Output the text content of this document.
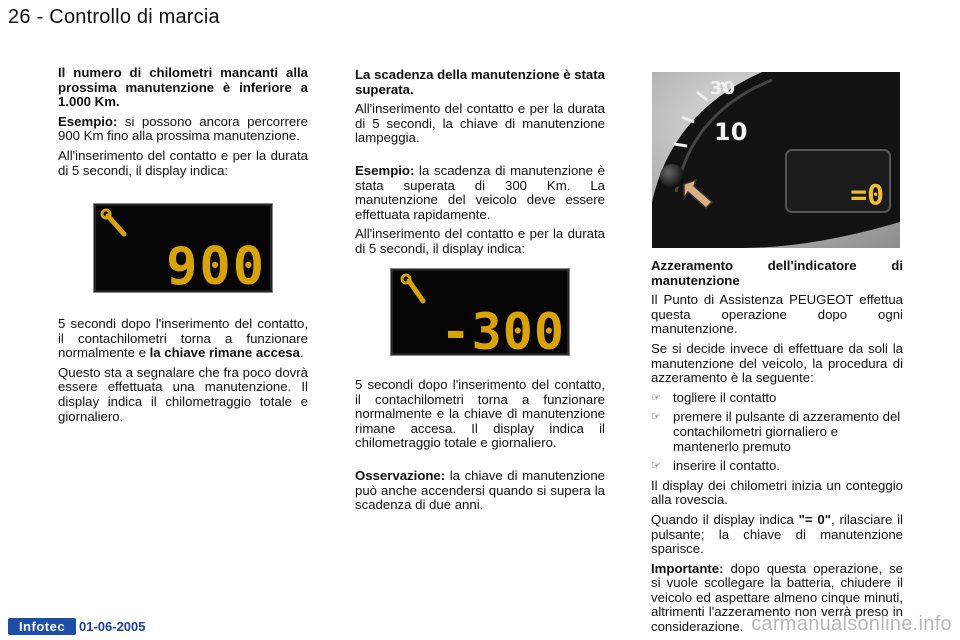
26 - Controllo di marcia

Il numero di chilometri mancanti alla prossima manutenzione è inferiore a 1.000 Km.

Esempio: si possono ancora percorrere 900 Km fino alla prossima manutenzione.

All'inserimento del contatto e per la durata di 5 secondi, il display indica:

900

5 secondi dopo l'inserimento del contatto, il contachilometri torna a funzionare normalmente e la chiave rimane accesa.

Questo sta a segnalare che fra poco dovrà essere effettuata una manutenzione. Il display indica il chilometraggio totale e giornaliero.

La scadenza della manutenzione è stata superata.

All'inserimento del contatto e per la durata di 5 secondi, la chiave di manutenzione lampeggia.

Esempio: la scadenza di manutenzione è stata superata di 300 Km. La manutenzione del veicolo deve essere effettuata rapidamente.

All'inserimento del contatto e per la durata di 5 secondi, il display indica:

-300

5 secondi dopo l'inserimento del contatto, il contachilometri torna a funzionare normalmente e la chiave di manutenzione rimane accesa. Il display indica il chilometraggio totale e giornaliero.

Osservazione: la chiave di manutenzione può anche accendersi quando si supera la scadenza di due anni.

30
10
=0

Azzeramento dell'indicatore di manutenzione

Il Punto di Assistenza PEUGEOT effettua questa operazione dopo ogni manutenzione.

Se si decide invece di effettuare da soli la manutenzione del veicolo, la procedura di azzeramento è la seguente:

☞ togliere il contatto
☞ premere il pulsante di azzeramento del contachilometri giornaliero e mantenerlo premuto
☞ inserire il contatto.

Il display dei chilometri inizia un conteggio alla rovescia.

Quando il display indica "= 0", rilasciare il pulsante; la chiave di manutenzione sparisce.

Importante: dopo questa operazione, se si vuole scollegare la batteria, chiudere il veicolo ed aspettare almeno cinque minuti, altrimenti l'azzeramento non verrà preso in considerazione.

Infotec	01-06-2005	carmanualsonline.info
